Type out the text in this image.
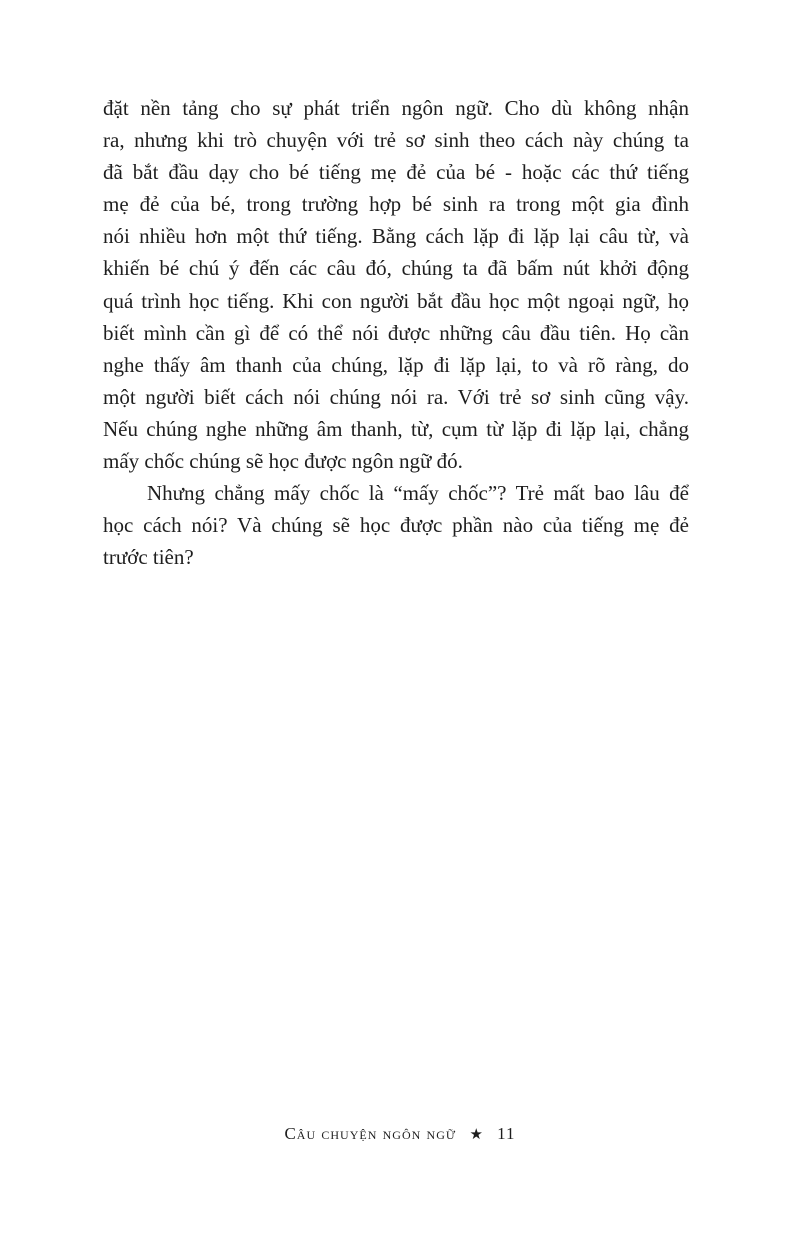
đặt nền tảng cho sự phát triển ngôn ngữ. Cho dù không nhận
ra, nhưng khi trò chuyện với trẻ sơ sinh theo cách này chúng ta
đã bắt đầu dạy cho bé tiếng mẹ đẻ của bé - hoặc các thứ tiếng
mẹ đẻ của bé, trong trường hợp bé sinh ra trong một gia đình
nói nhiều hơn một thứ tiếng. Bằng cách lặp đi lặp lại câu từ, và
khiến bé chú ý đến các câu đó, chúng ta đã bấm nút khởi động
quá trình học tiếng. Khi con người bắt đầu học một ngoại ngữ, họ
biết mình cần gì để có thể nói được những câu đầu tiên. Họ cần
nghe thấy âm thanh của chúng, lặp đi lặp lại, to và rõ ràng, do
một người biết cách nói chúng nói ra. Với trẻ sơ sinh cũng vậy.
Nếu chúng nghe những âm thanh, từ, cụm từ lặp đi lặp lại, chẳng
mấy chốc chúng sẽ học được ngôn ngữ đó.

Nhưng chẳng mấy chốc là “mấy chốc”? Trẻ mất bao lâu để
học cách nói? Và chúng sẽ học được phần nào của tiếng mẹ đẻ
trước tiên?

Câu chuyện ngôn ngữ ★ 11
